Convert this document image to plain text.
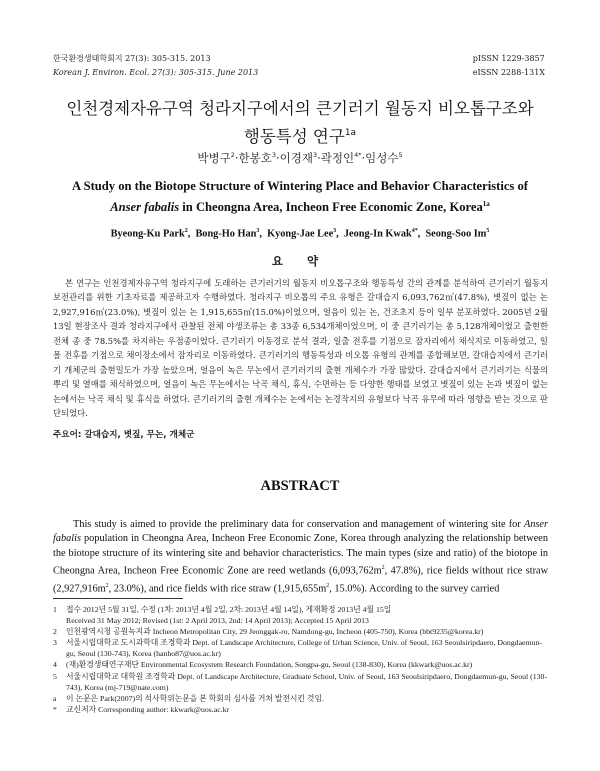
한국환경생태학회지 27(3): 305-315. 2013
Korean J. Environ. Ecol. 27(3): 305-315. June 2013
pISSN 1229-3857
eISSN 2288-131X
인천경제자유구역 청라지구에서의 큰기러기 월동지 비오톱구조와
행동특성 연구$^{1a}$
박병구$^2$·한봉호$^3$·이경재$^3$·곽정인$^{4*}$·임성수$^5$
A Study on the Biotope Structure of Wintering Place and Behavior Characteristics of
Anser fabalis in Cheongna Area, Incheon Free Economic Zone, Korea$^{1a}$
Byeong-Ku Park$^2$,  Bong-Ho Han$^3$,  Kyong-Jae Lee$^3$,  Jeong-In Kwak$^{4*}$,  Seong-Soo Im$^5$
요 약
본 연구는 인천경제자유구역 청라지구에 도래하는 큰기러기의 월동지 비오톱구조와 행동특성 간의 관계를 분석하여 큰기러기 월동지 보전관리를 위한 기초자료를 제공하고자 수행하였다. 청라지구 비오톱의 주요 유형은 갈대습지 6,093,762㎡(47.8%), 볏짚이 없는 논 2,927,916㎡(23.0%), 볏짚이 있는 논 1,915,655㎡(15.0%)이었으며, 얼음이 있는 논, 건조초지 등이 일부 분포하였다. 2005년 2월 13일 현장조사 결과 청라지구에서 관찰된 전체 야생조류는 총 33종 6,534개체이었으며, 이 중 큰기러기는 총 5,128개체이었고 출현한 전체 종 중 78.5%를 차지하는 우점종이었다. 큰기러기 이동경로 분석 결과, 일출 전후를 기점으로 잠자리에서 채식지로 이동하였고, 일몰 전후를 기점으로 채이장소에서 잠자리로 이동하였다. 큰기러기의 행동특성과 비오톱 유형의 관계를 종합해보면, 갈대습지에서 큰기러기 개체군의 출현밀도가 가장 높았으며, 얼음이 녹은 무논에서 큰기러기의 출현 개체수가 가장 많았다. 갈대습지에서 큰기러기는 식물의 뿌리 및 열매를 채식하였으며, 얼음이 녹은 무논에서는 낙곡 채식, 휴식, 수면하는 등 다양한 행태를 보였고 볏짚이 있는 논과 볏짚이 없는 논에서는 낙곡 채식 및 휴식을 하였다. 큰기러기의 출현 개체수는 논에서는 논경작지의 유형보다 낙곡 유무에 따라 영향을 받는 것으로 판단되었다.
주요어: 갈대습지, 볏짚, 무논, 개체군
ABSTRACT
This study is aimed to provide the preliminary data for conservation and management of wintering site for Anser fabalis population in Cheongna Area, Incheon Free Economic Zone, Korea through analyzing the relationship between the biotope structure of its wintering site and behavior characteristics. The main types (size and ratio) of the biotope in Cheongna Area, Incheon Free Economic Zone are reed wetlands ($6,093,762m^2$, 47.8%), rice fields without rice straw ($2,927,916m^2$, 23.0%), and rice fields with rice straw ($1,915,655m^2$, 15.0%). According to the survey carried
1 접수 2012년 5월 31일, 수정 (1차: 2013년 4월 2일, 2차: 2013년 4월 14일), 게재확정 2013년 4월 15일
Received 31 May 2012; Revised (1st: 2 April 2013, 2nd: 14 April 2013); Accepted 15 April 2013
2 인천광역시청 공원녹지과 Incheon Metropolitan City, 29 Jeonggak-ro, Namdong-gu, Incheon (405-750), Korea (bbt9235@korea.kr)
3 서울시립대학교 도시과학대 조경학과 Dept. of Landscape Architecture, College of Urban Science, Univ. of Seoul, 163 Seoulsiripdaero, Dongdaemun-gu, Seoul (130-743), Korea (hanho87@uos.ac.kr)
4 (재)환경생태연구재단 Environmental Ecosystem Research Foundation, Songpa-gu, Seoul (138-830), Korea (kkwark@uos.ac.kr)
5 서울시립대학교 대학원 조경학과 Dept. of Landscape Architecture, Graduate School, Univ. of Seoul, 163 Seoulsiripdaero, Dongdaemun-gu, Seoul (130-743), Korea (mj-719@nate.com)
a 이 논문은 Park(2007)의 석사학위논문을 본 학회의 심사를 거쳐 발전시킨 것임.
* 교신저자 Corresponding author: kkwark@uos.ac.kr
